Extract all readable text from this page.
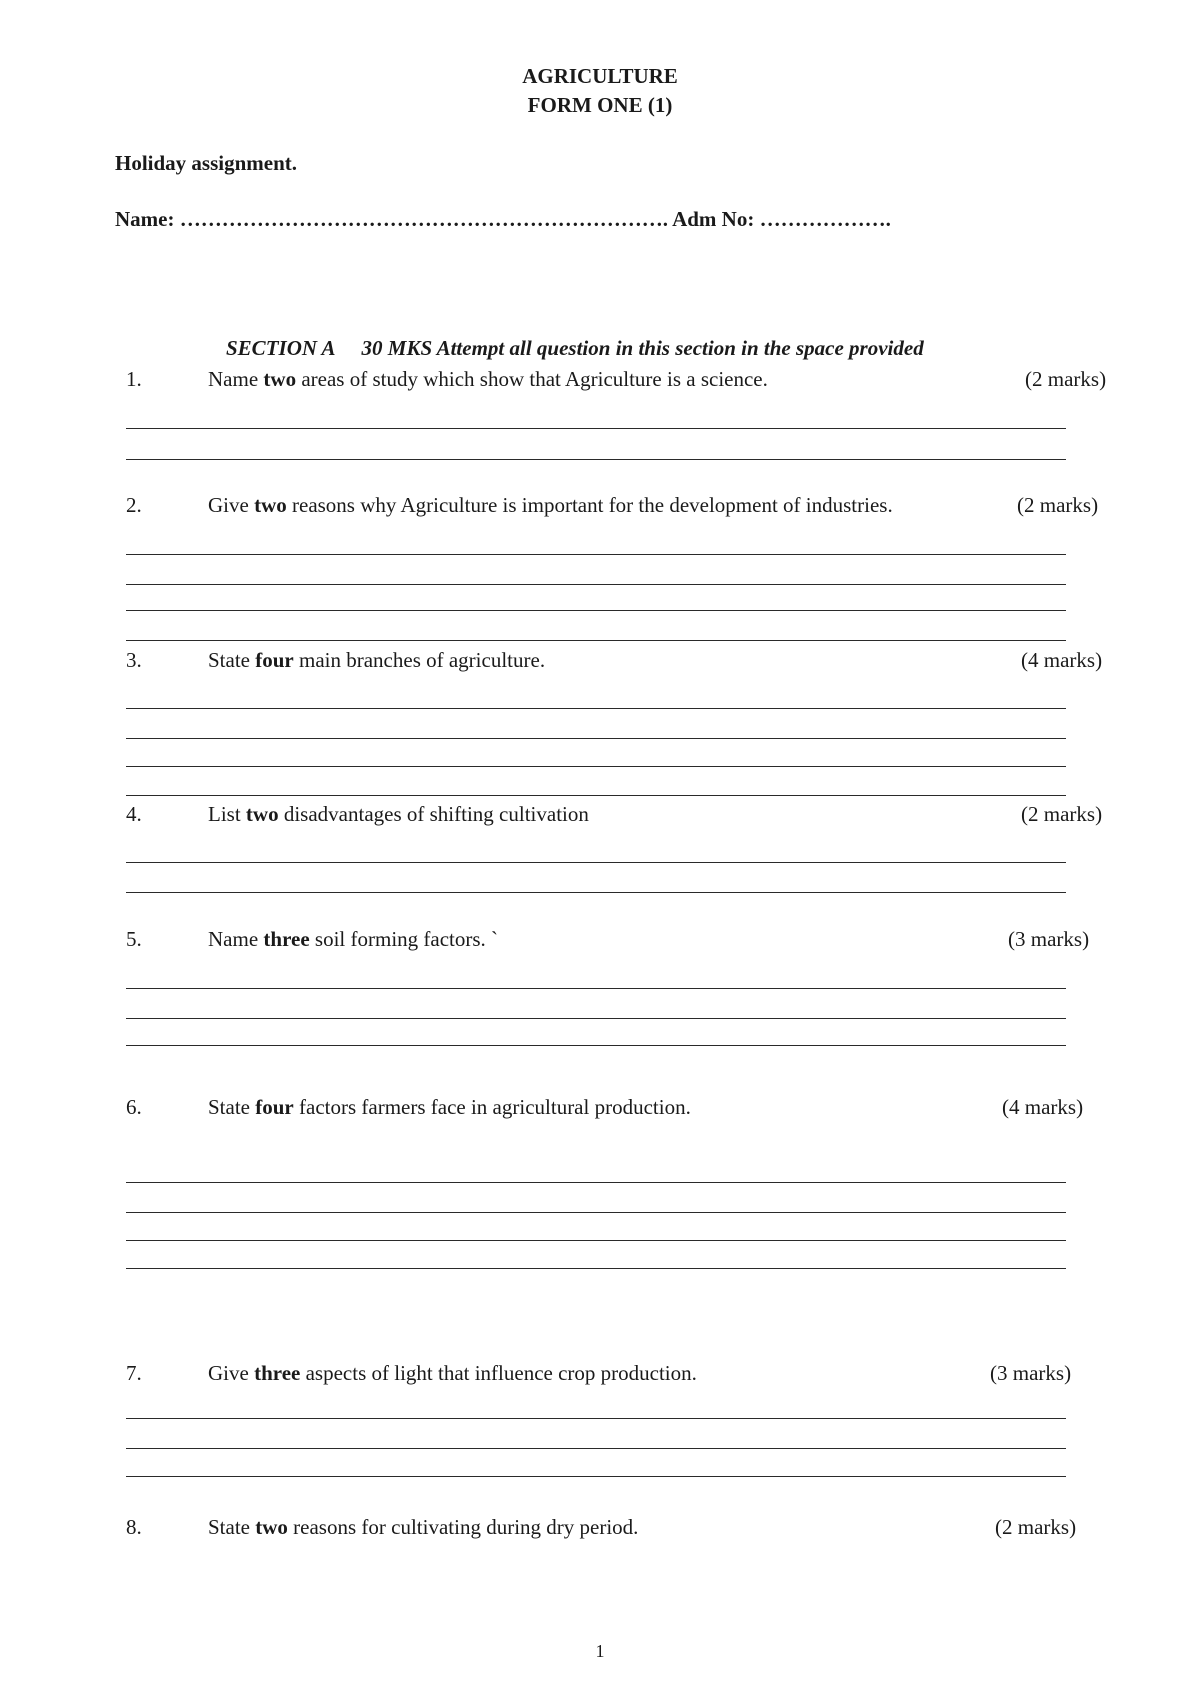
AGRICULTURE
FORM ONE (1)
Holiday assignment.
Name: ……………………………………………………………. Adm No: ……………….
SECTION A 30 MKS Attempt all question in this section in the space provided
1.	Name two areas of study which show that Agriculture is a science.	(2 marks)
2.	Give two reasons why Agriculture is important for the development of industries.	(2 marks)
3.	State four main branches of agriculture.	(4 marks)
4.	List two disadvantages of shifting cultivation	(2 marks)
5.	Name three soil forming factors. `	(3 marks)
6.	State four factors farmers face in agricultural production.	(4 marks)
7.	Give three aspects of light that influence crop production.	(3 marks)
8.	State two reasons for cultivating during dry period.	(2 marks)
1
